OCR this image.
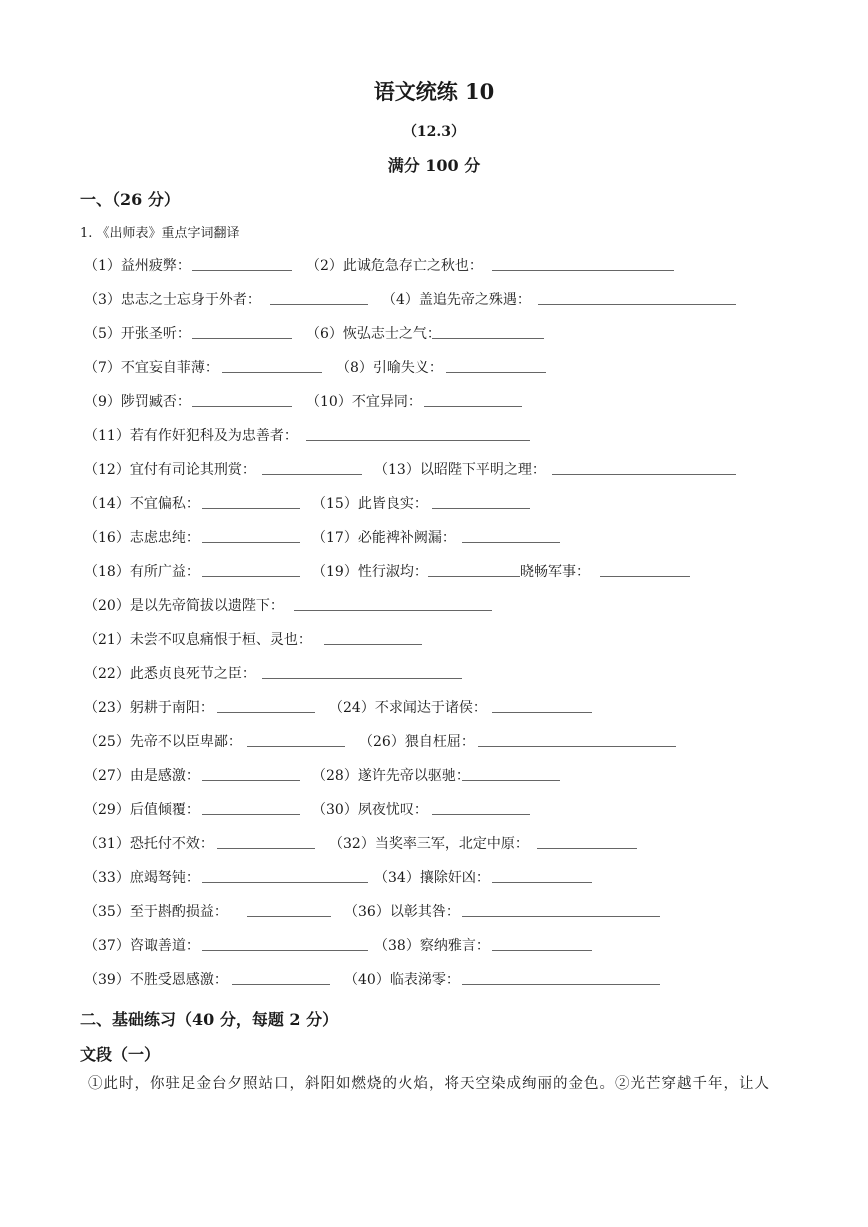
语文统练 10
（12.3）
满分 100 分
一、（26 分）
1. 《出师表》重点字词翻译
（1）益州疲弊：	（2）此诚危急存亡之秋也：
（3）忠志之士忘身于外者：	（4）盖追先帝之殊遇：
（5）开张圣听：	（6）恢弘志士之气：
（7）不宜妄自菲薄：	（8）引喻失义：
（9）陟罚臧否：	（10）不宜异同：
（11）若有作奸犯科及为忠善者：
（12）宜付有司论其刑赏：	（13）以昭陛下平明之理：
（14）不宜偏私：	（15）此皆良实：
（16）志虑忠纯：	（17）必能裨补阙漏：
（18）有所广益：	（19）性行淑均：	晓畅军事：
（20）是以先帝简拔以遗陛下：
（21）未尝不叹息痛恨于桓、灵也：
（22）此悉贞良死节之臣：
（23）躬耕于南阳：	（24）不求闻达于诸侯：
（25）先帝不以臣卑鄙：	（26）猥自枉屈：
（27）由是感激：	（28）遂许先帝以驱驰：
（29）后值倾覆：	（30）夙夜忧叹：
（31）恐托付不效：	（32）当奖率三军，北定中原：
（33）庶竭驽钝：	（34）攘除奸凶：
（35）至于斟酌损益：	（36）以彰其咎：
（37）咨诹善道：	（38）察纳雅言：
（39）不胜受恩感激：	（40）临表涕零：
二、基础练习（40 分，每题 2 分）
文段（一）
①此时，你驻足金台夕照站口，斜阳如燃烧的火焰，将天空染成绚丽的金色。②光芒穿越千年，让人
